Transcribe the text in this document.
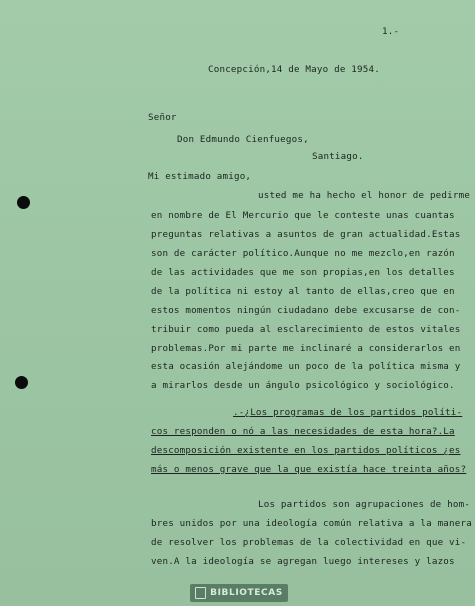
1.-
Concepción,14 de Mayo de 1954.
Señor
Don Edmundo Cienfuegos,
Santiago.
Mi estimado amigo,
usted me ha hecho el honor de pedirme
en nombre de El Mercurio que le conteste unas cuantas
preguntas relativas a asuntos de gran actualidad.Estas
son de carácter político.Aunque no me mezclo,en razón
de las actividades que me son propias,en los detalles
de la política ni estoy al tanto de ellas,creo que en
estos momentos ningún ciudadano debe excusarse de con-
tribuir como pueda al esclarecimiento de estos vitales
problemas.Por mi parte me inclinaré a considerarlos en
esta ocasión alejándome un poco de la política misma y
a mirarlos desde un ángulo psicológico y sociológico.
.-¿Los programas de los partidos políti-
cos responden o nó a las necesidades de esta hora?.La
descomposición existente en los partidos políticos ¿es
más o menos grave que la que existía hace treinta años?
Los partidos son agrupaciones de hom-
bres unidos por una ideología común relativa a la manera
de resolver los problemas de la colectividad en que vi-
ven.A la ideología se agregan luego intereses y lazos
BIBLIOTECAS
